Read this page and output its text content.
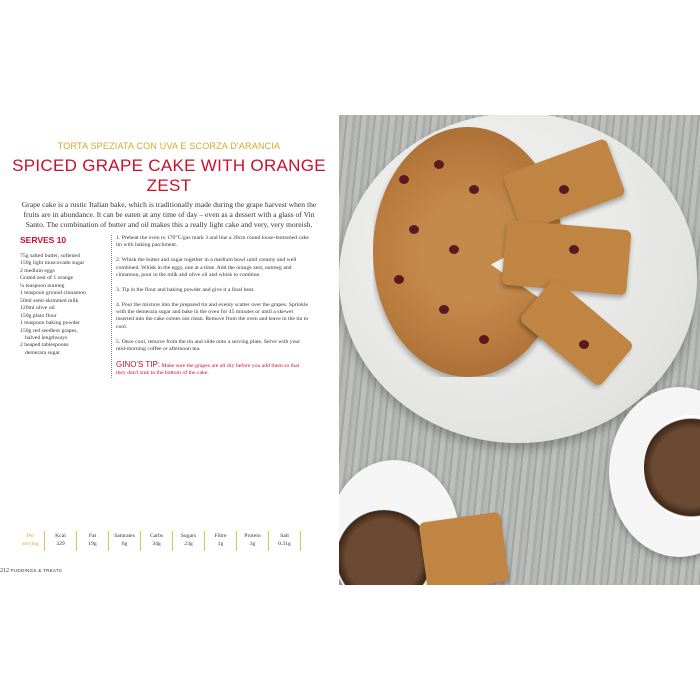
TORTA SPEZIATA CON UVA E SCORZA D'ARANCIA
SPICED GRAPE CAKE WITH ORANGE ZEST
Grape cake is a rustic Italian bake, which is traditionally made during the grape harvest when the fruits are in abundance. It can be eaten at any time of day – even as a dessert with a glass of Vin Santo. The combination of butter and oil makes this a really light cake and very, very moreish.
SERVES 10
75g salted butter, softened
150g light muscovado sugar
2 medium eggs
Grated zest of 1 orange
¼ teaspoon nutmeg
1 teaspoon ground cinnamon
50ml semi-skimmed milk
120ml olive oil
150g plain flour
1 teaspoon baking powder
150g red seedless grapes,
halved lengthways
2 heaped tablespoons
demerara sugar

1. Preheat the oven to 170°C/gas mark 3 and line a 20cm round loose-bottomed cake tin with baking parchment.

2. Whisk the butter and sugar together in a medium bowl until creamy and well combined. Whisk in the eggs, one at a time. Add the orange zest, nutmeg and cinnamon, pour in the milk and olive oil and whisk to combine.

3. Tip in the flour and baking powder and give it a final beat.

4. Pour the mixture into the prepared tin and evenly scatter over the grapes. Sprinkle with the demerara sugar and bake in the oven for 45 minutes or until a skewer inserted into the cake comes out clean. Remove from the oven and leave in the tin to cool.

5. Once cool, remove from the tin and slide onto a serving plate. Serve with your mid-morning coffee or afternoon tea.

GINO'S TIP: Make sure the grapes are all dry before you add them so that they don't sink to the bottom of the cake.
Per
serving
Kcal
329
Fat
19g
Saturates
6g
Carbs
34g
Sugars
23g
Fibre
1g
Protein
3g
Salt
0.31g
212 PUDDINGS & TREATS
